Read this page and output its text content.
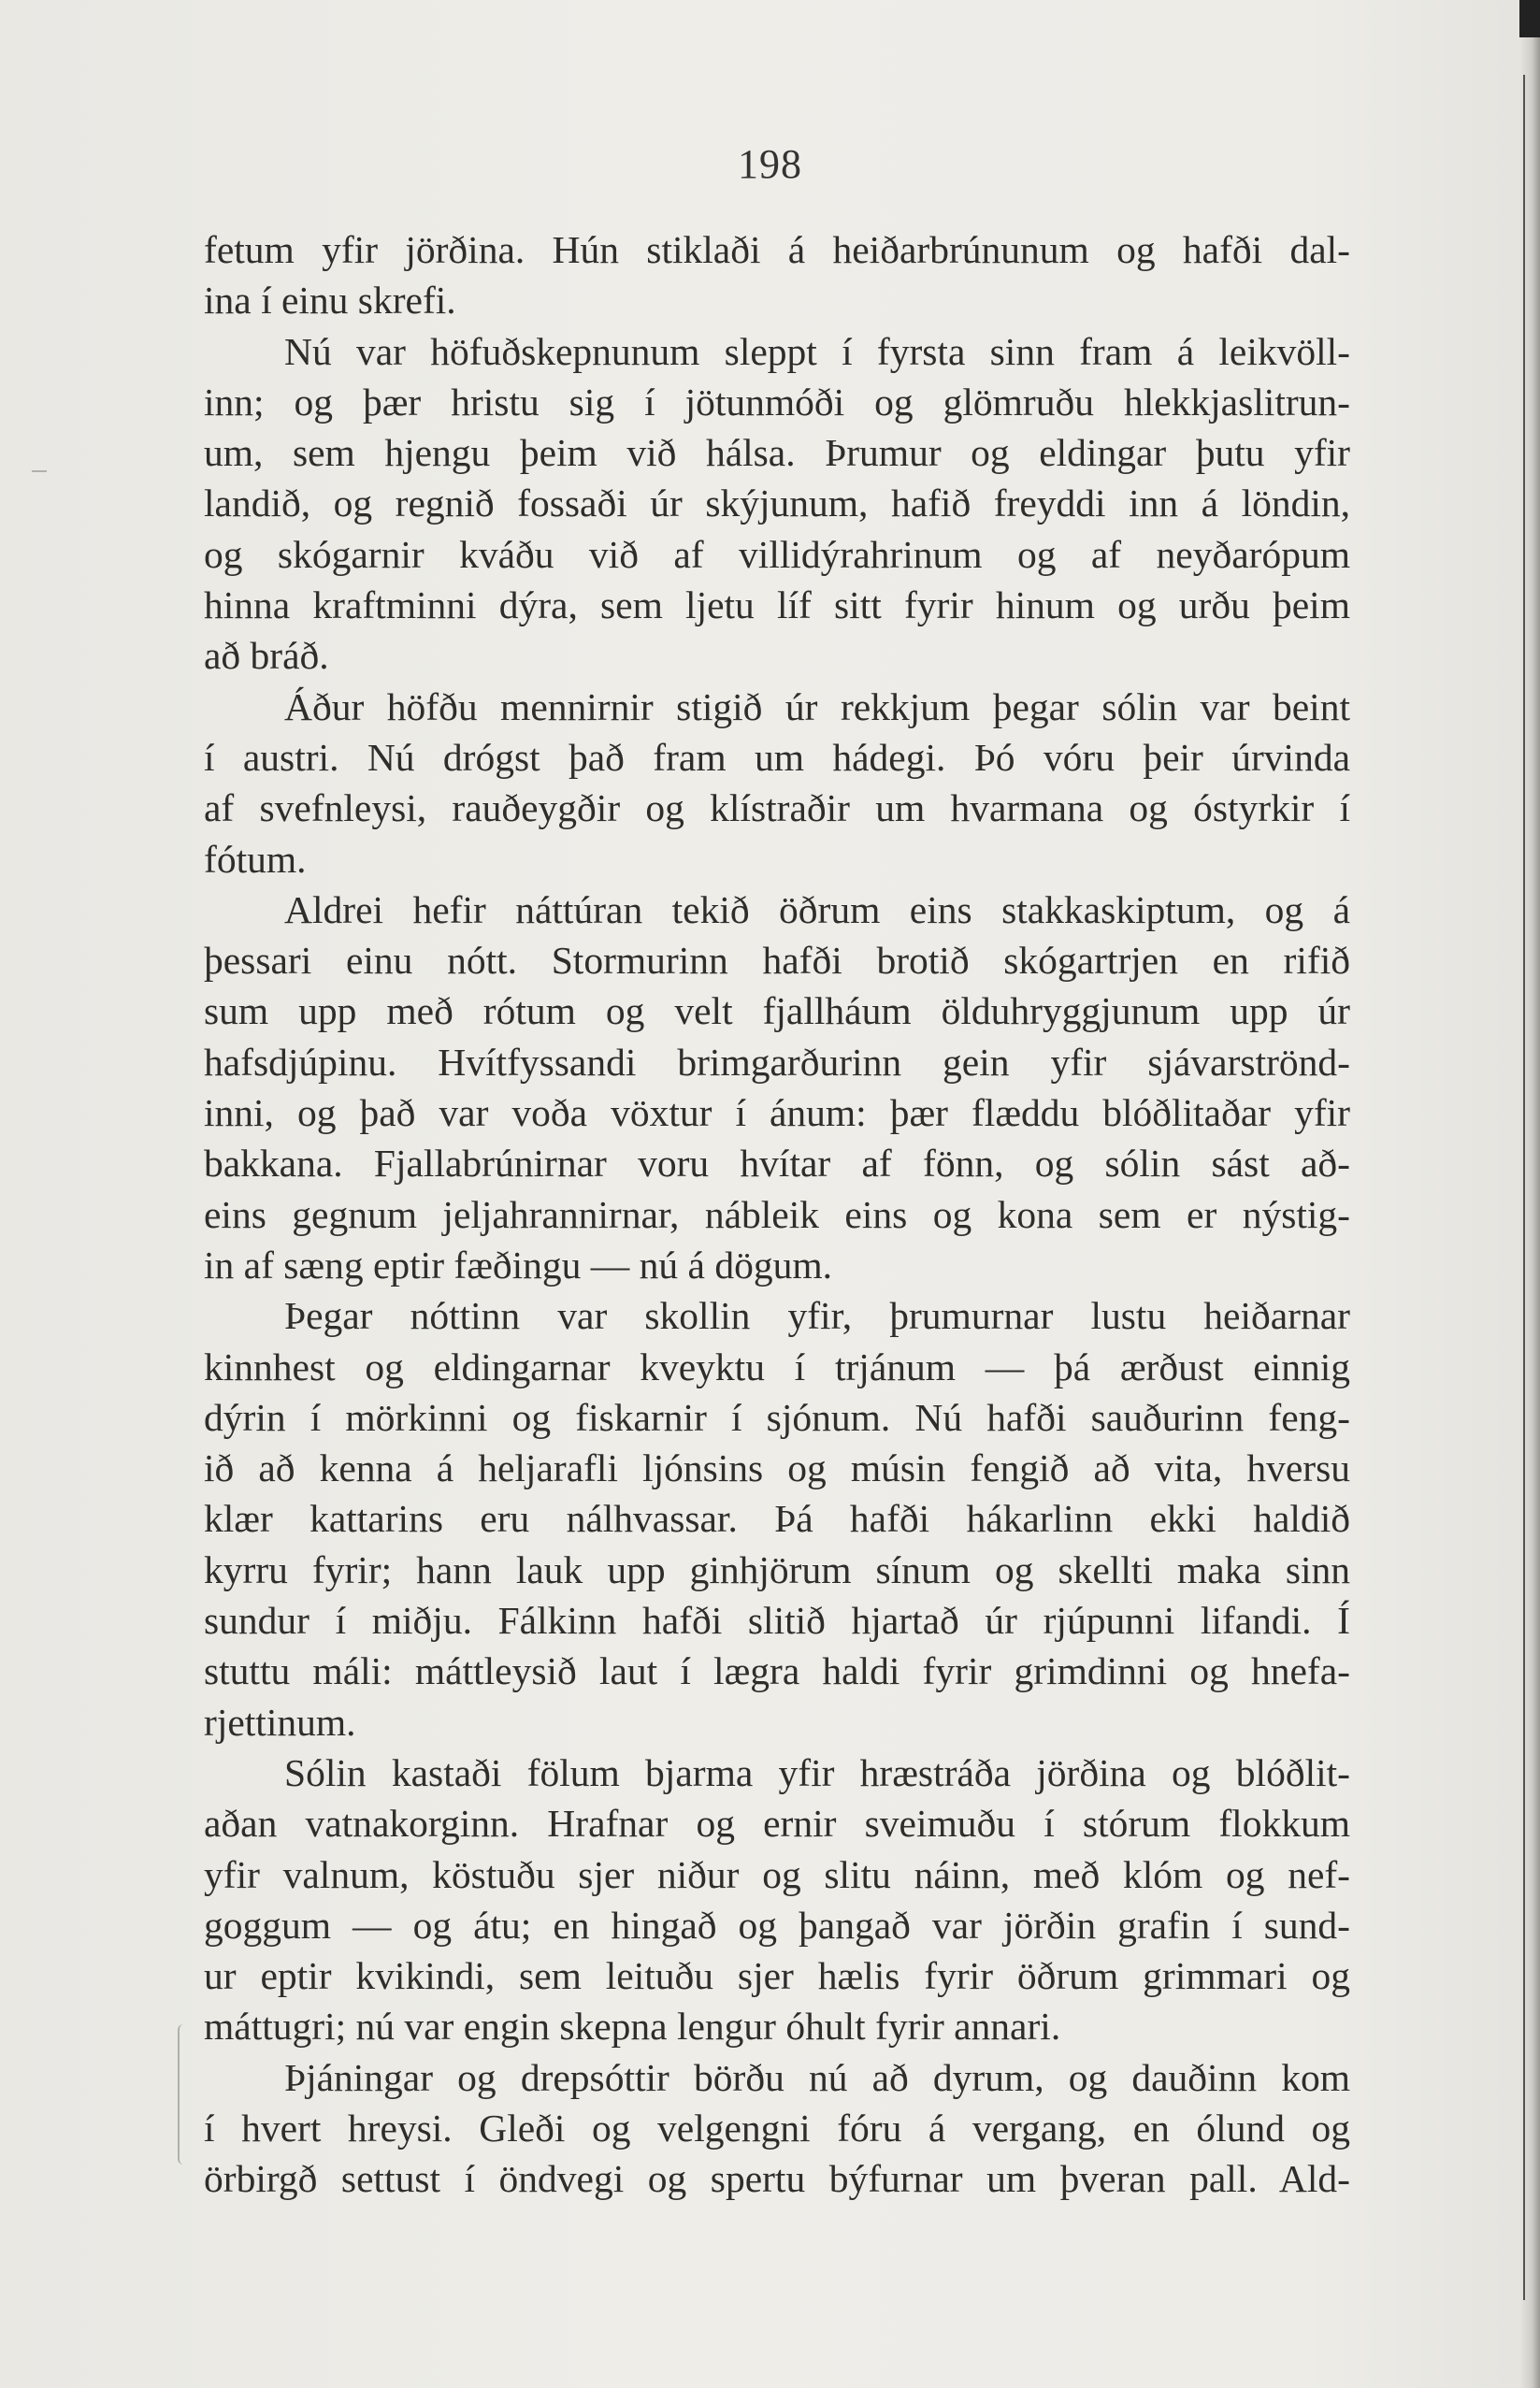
198
fetum yfir jörðina. Hún stiklaði á heiðarbrúnunum og hafði dal-
ina í einu skrefi.
Nú var höfuðskepnunum sleppt í fyrsta sinn fram á leikvöll-
inn; og þær hristu sig í jötunmóði og glömruðu hlekkjaslitrun-
um, sem hjengu þeim við hálsa. Þrumur og eldingar þutu yfir
landið, og regnið fossaði úr skýjunum, hafið freyddi inn á löndin,
og skógarnir kváðu við af villidýrahrinum og af neyðarópum
hinna kraftminni dýra, sem ljetu líf sitt fyrir hinum og urðu þeim
að bráð.
Áður höfðu mennirnir stigið úr rekkjum þegar sólin var beint
í austri. Nú drógst það fram um hádegi. Þó vóru þeir úrvinda
af svefnleysi, rauðeygðir og klístraðir um hvarmana og óstyrkir í
fótum.
Aldrei hefir náttúran tekið öðrum eins stakkaskiptum, og á
þessari einu nótt. Stormurinn hafði brotið skógartrjen en rifið
sum upp með rótum og velt fjallháum ölduhryggjunum upp úr
hafsdjúpinu. Hvítfyssandi brimgarðurinn gein yfir sjávarströnd-
inni, og það var voða vöxtur í ánum: þær flæddu blóðlitaðar yfir
bakkana. Fjallabrúnirnar voru hvítar af fönn, og sólin sást að-
eins gegnum jeljahrannirnar, nábleik eins og kona sem er nýstig-
in af sæng eptir fæðingu — nú á dögum.
Þegar nóttinn var skollin yfir, þrumurnar lustu heiðarnar
kinnhest og eldingarnar kveyktu í trjánum — þá ærðust einnig
dýrin í mörkinni og fiskarnir í sjónum. Nú hafði sauðurinn feng-
ið að kenna á heljarafli ljónsins og músin fengið að vita, hversu
klær kattarins eru nálhvassar. Þá hafði hákarlinn ekki haldið
kyrru fyrir; hann lauk upp ginhjörum sínum og skellti maka sinn
sundur í miðju. Fálkinn hafði slitið hjartað úr rjúpunni lifandi. Í
stuttu máli: máttleysið laut í lægra haldi fyrir grimdinni og hnefa-
rjettinum.
Sólin kastaði fölum bjarma yfir hræstráða jörðina og blóðlit-
aðan vatnakorginn. Hrafnar og ernir sveimuðu í stórum flokkum
yfir valnum, köstuðu sjer niður og slitu náinn, með klóm og nef-
goggum — og átu; en hingað og þangað var jörðin grafin í sund-
ur eptir kvikindi, sem leituðu sjer hælis fyrir öðrum grimmari og
máttugri; nú var engin skepna lengur óhult fyrir annari.
Þjáningar og drepsóttir börðu nú að dyrum, og dauðinn kom
í hvert hreysi. Gleði og velgengni fóru á vergang, en ólund og
örbirgð settust í öndvegi og spertu býfurnar um þveran pall. Ald-
